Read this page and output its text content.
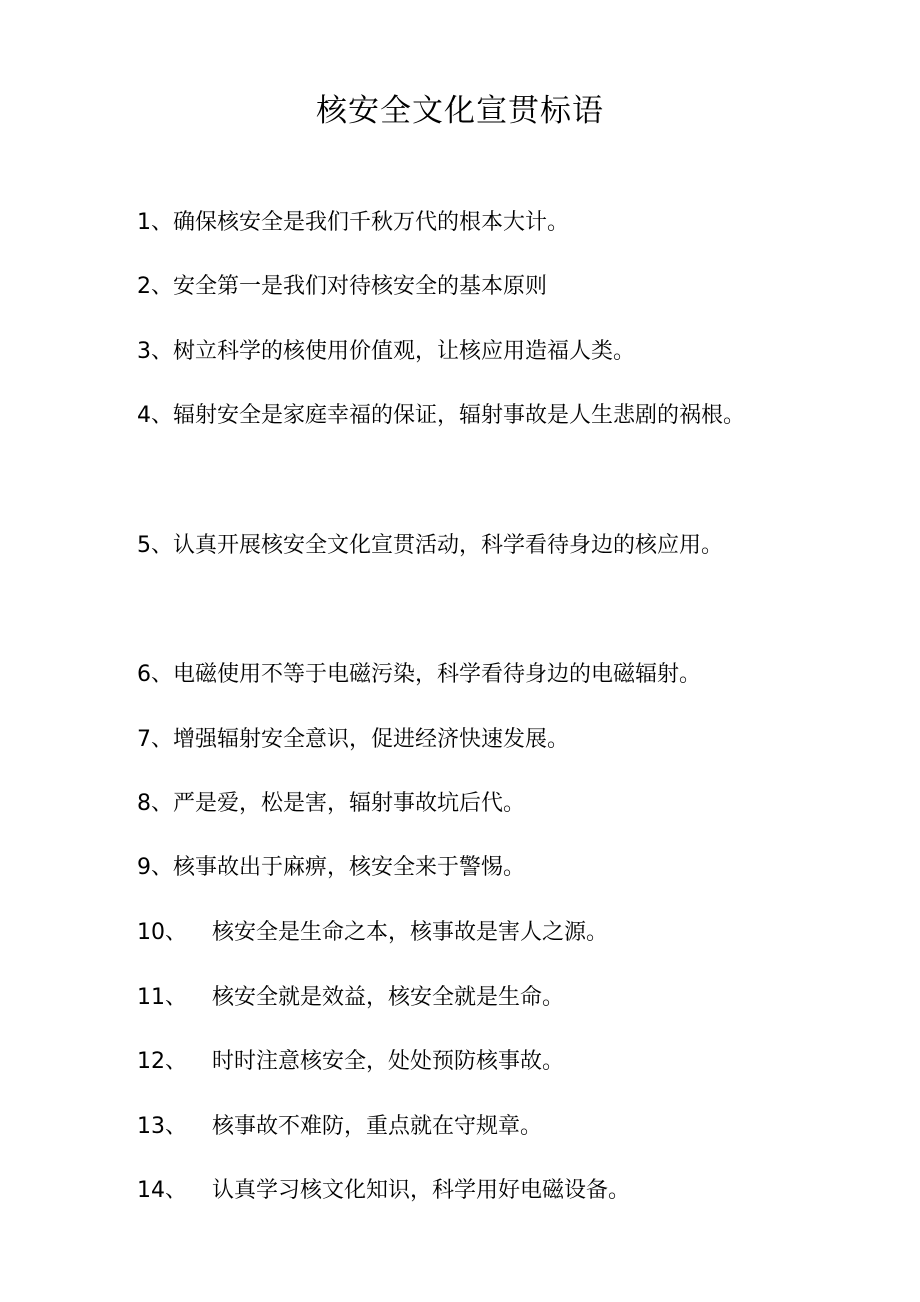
核安全文化宣贯标语
1、确保核安全是我们千秋万代的根本大计。
2、安全第一是我们对待核安全的基本原则
3、树立科学的核使用价值观，让核应用造福人类。
4、辐射安全是家庭幸福的保证，辐射事故是人生悲剧的祸根。
5、认真开展核安全文化宣贯活动，科学看待身边的核应用。
6、电磁使用不等于电磁污染，科学看待身边的电磁辐射。
7、增强辐射安全意识，促进经济快速发展。
8、严是爱，松是害，辐射事故坑后代。
9、核事故出于麻痹，核安全来于警惕。
10、 核安全是生命之本，核事故是害人之源。
11、 核安全就是效益，核安全就是生命。
12、 时时注意核安全，处处预防核事故。
13、 核事故不难防，重点就在守规章。
14、 认真学习核文化知识，科学用好电磁设备。
